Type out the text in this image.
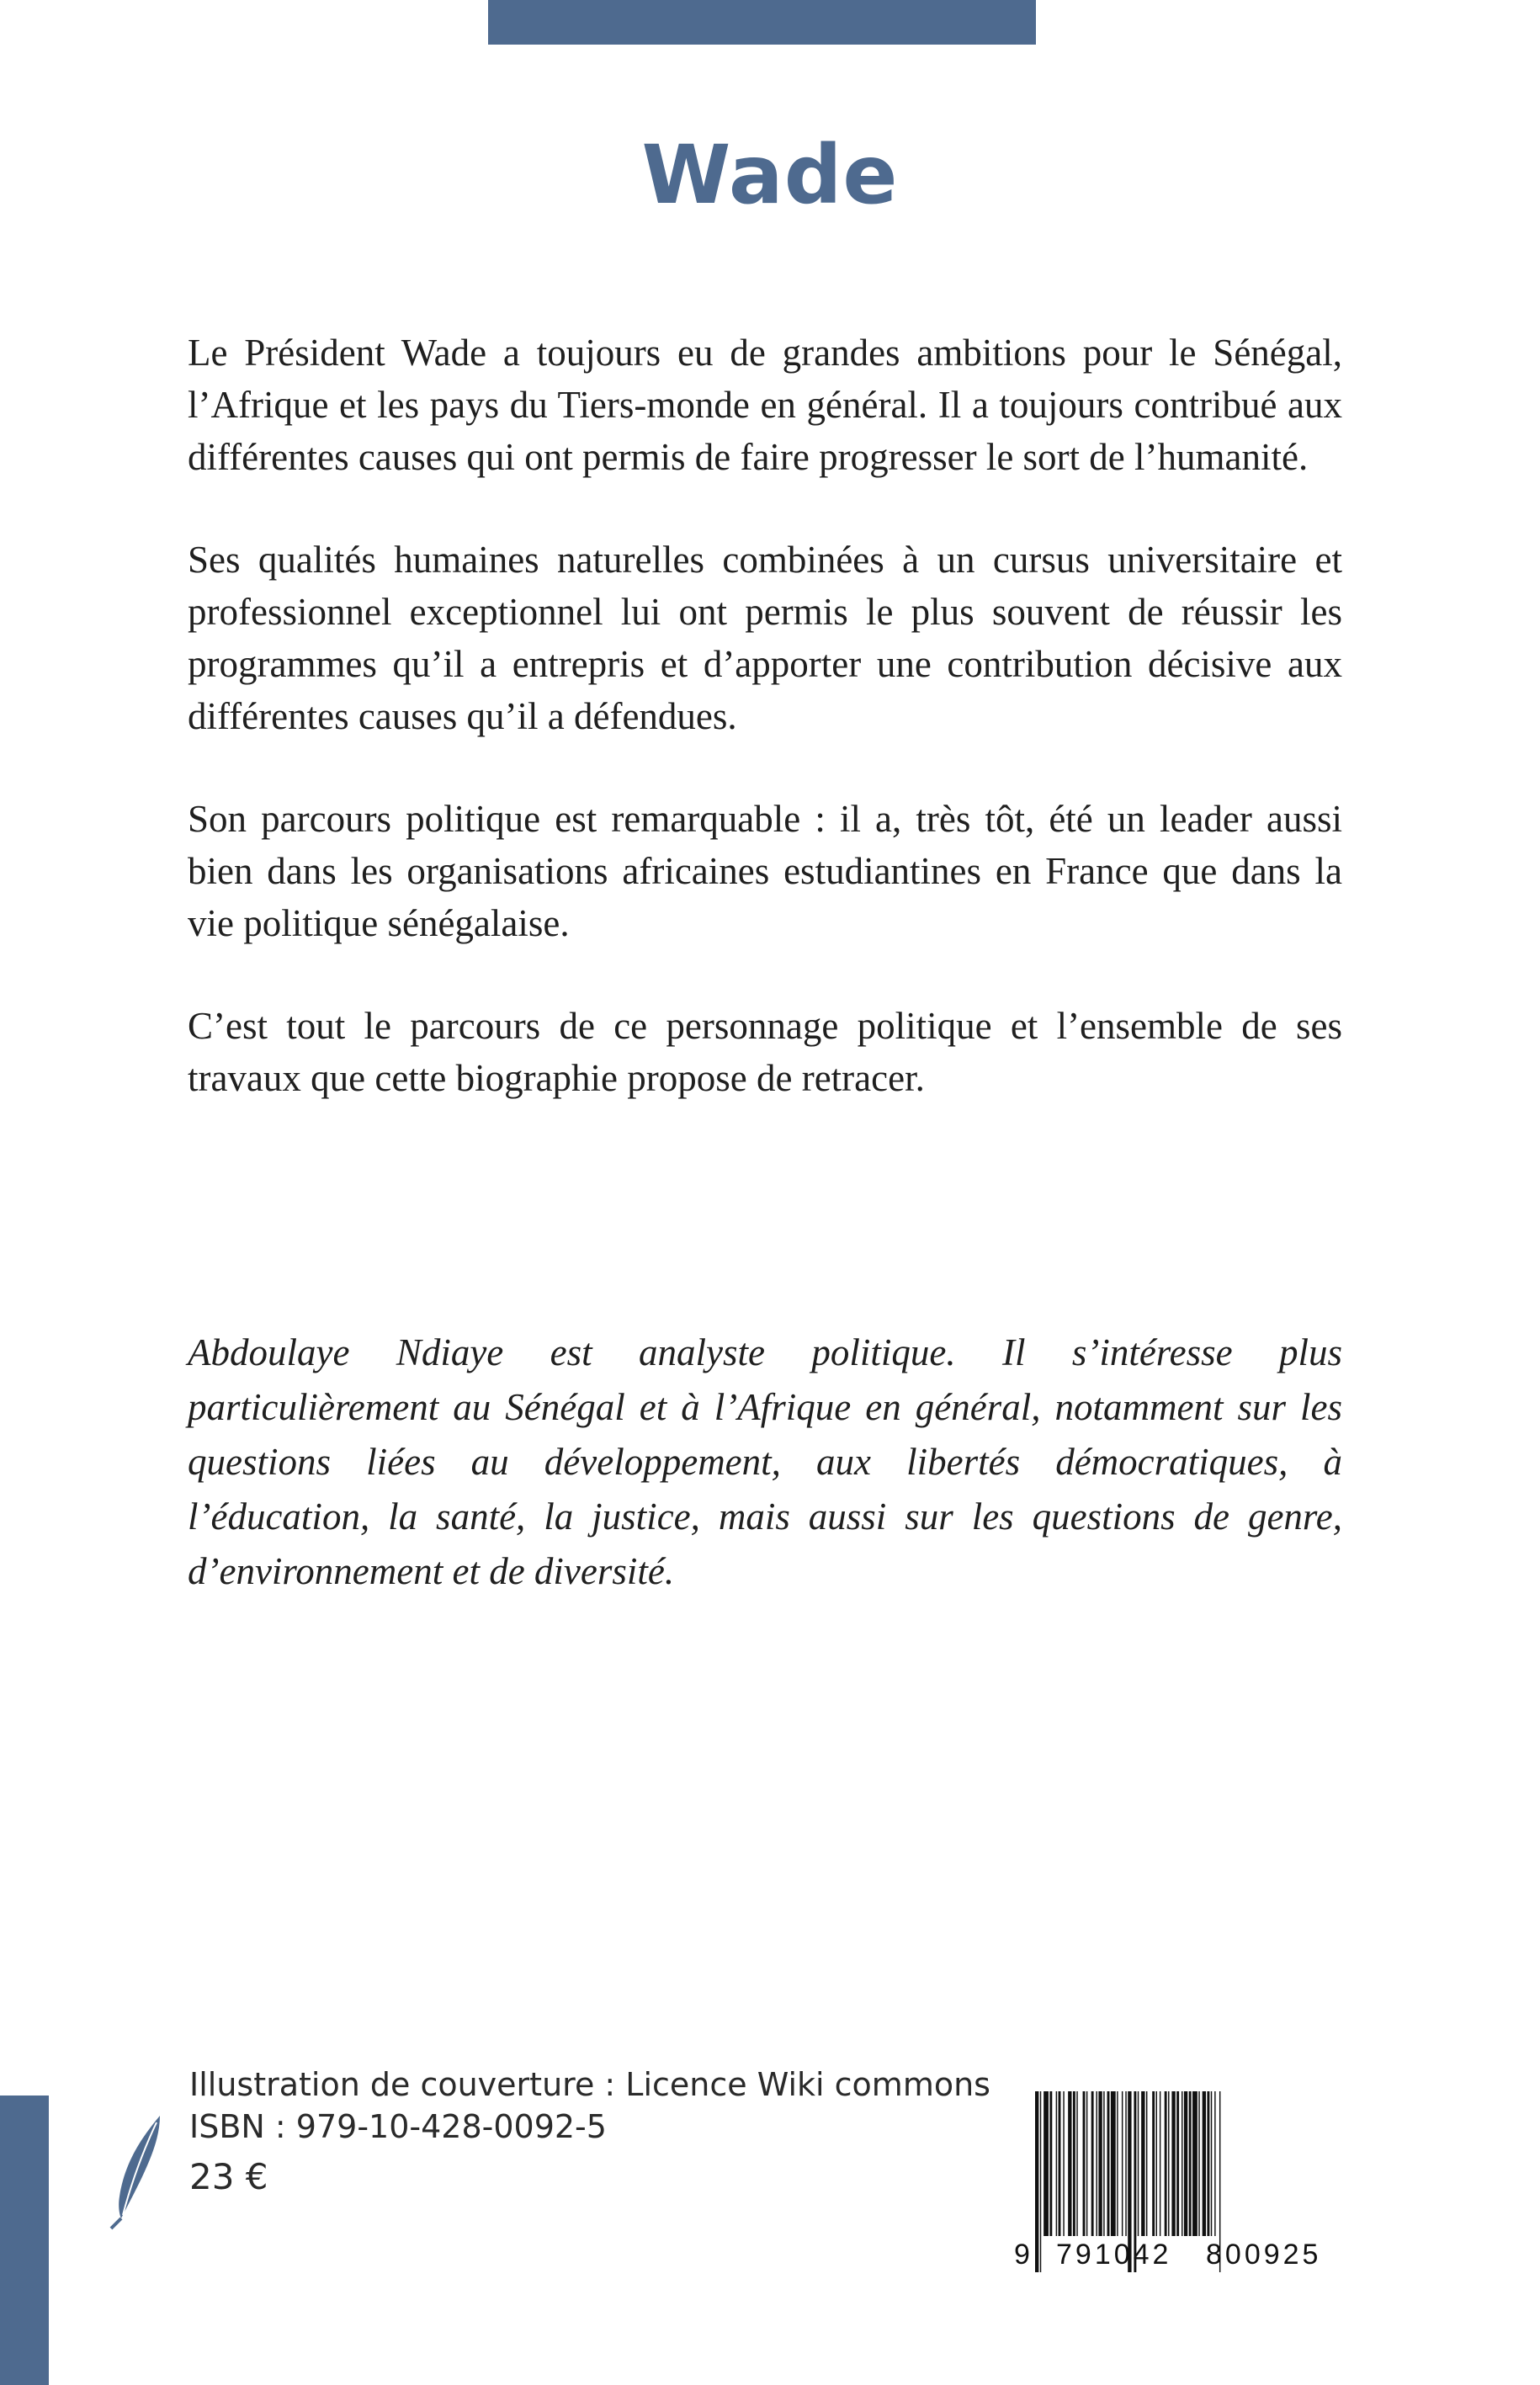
Wade

Le Président Wade a toujours eu de grandes ambitions pour le Sénégal, l’Afrique et les pays du Tiers-monde en général. Il a toujours contribué aux différentes causes qui ont permis de faire progresser le sort de l’humanité.

Ses qualités humaines naturelles combinées à un cursus universitaire et professionnel exceptionnel lui ont permis le plus souvent de réussir les programmes qu’il a entrepris et d’apporter une contribution décisive aux différentes causes qu’il a défendues.

Son parcours politique est remarquable : il a, très tôt, été un leader aussi bien dans les organisations africaines estudiantines en France que dans la vie politique sénégalaise.

C’est tout le parcours de ce personnage politique et l’ensemble de ses travaux que cette biographie propose de retracer.

Abdoulaye Ndiaye est analyste politique. Il s’intéresse plus particulièrement au Sénégal et à l’Afrique en général, notamment sur les questions liées au développement, aux libertés démocratiques, à l’éducation, la santé, la justice, mais aussi sur les questions de genre, d’environnement et de diversité.

Illustration de couverture : Licence Wiki commons
ISBN : 979-10-428-0092-5
23 €
9 791042 800925
